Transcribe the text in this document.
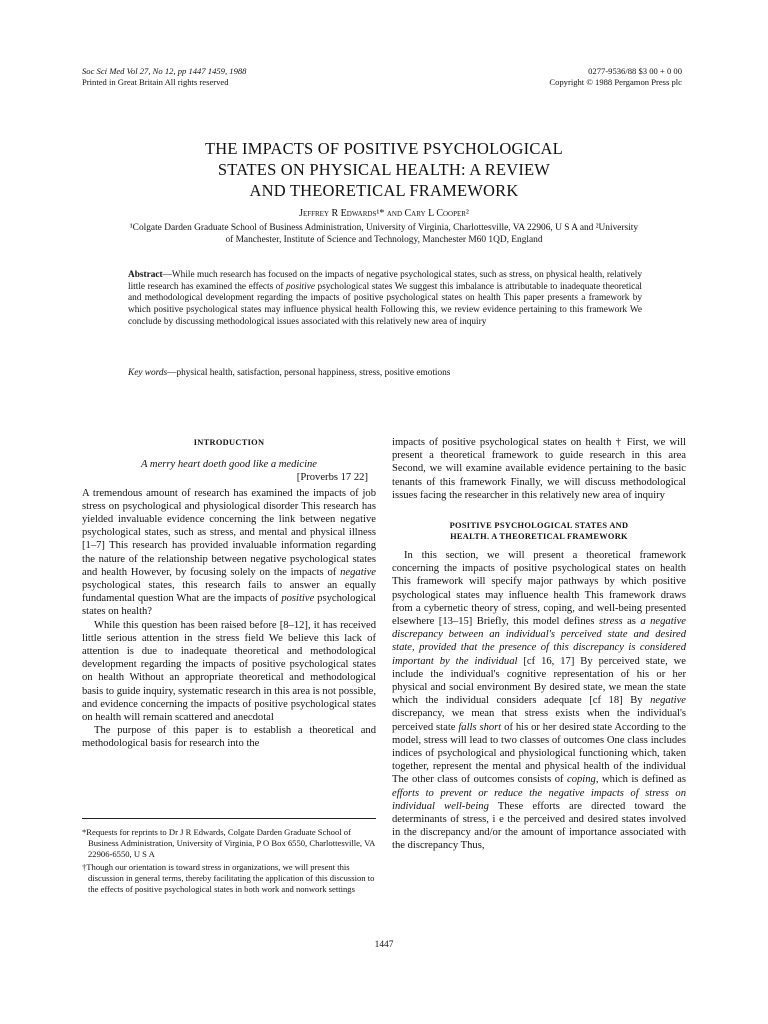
Soc Sci Med Vol 27, No 12, pp 1447 1459, 1988
Printed in Great Britain All rights reserved
0277-9536/88 $3 00 + 0 00
Copyright © 1988 Pergamon Press plc
THE IMPACTS OF POSITIVE PSYCHOLOGICAL
STATES ON PHYSICAL HEALTH: A REVIEW
AND THEORETICAL FRAMEWORK
Jeffrey R Edwards¹* and Cary L Cooper²
¹Colgate Darden Graduate School of Business Administration, University of Virginia, Charlottesville, VA 22906, U S A and ²University of Manchester, Institute of Science and Technology, Manchester M60 1QD, England
Abstract—While much research has focused on the impacts of negative psychological states, such as stress, on physical health, relatively little research has examined the effects of positive psychological states We suggest this imbalance is attributable to inadequate theoretical and methodological development regarding the impacts of positive psychological states on health This paper presents a framework by which positive psychological states may influence physical health Following this, we review evidence pertaining to this framework We conclude by discussing methodological issues associated with this relatively new area of inquiry
Key words—physical health, satisfaction, personal happiness, stress, positive emotions
INTRODUCTION
A merry heart doeth good like a medicine
[Proverbs 17 22]

A tremendous amount of research has examined the impacts of job stress on psychological and physiological disorder This research has yielded invaluable evidence concerning the link between negative psychological states, such as stress, and mental and physical illness [1–7] This research has provided invaluable information regarding the nature of the relationship between negative psychological states and health However, by focusing solely on the impacts of negative psychological states, this research fails to answer an equally fundamental question What are the impacts of positive psychological states on health?

While this question has been raised before [8–12], it has received little serious attention in the stress field We believe this lack of attention is due to inadequate theoretical and methodological development regarding the impacts of positive psychological states on health Without an appropriate theoretical and methodological basis to guide inquiry, systematic research in this area is not possible, and evidence concerning the impacts of positive psychological states on health will remain scattered and anecdotal

The purpose of this paper is to establish a theoretical and methodological basis for research into the

impacts of positive psychological states on health † First, we will present a theoretical framework to guide research in this area Second, we will examine available evidence pertaining to the basic tenants of this framework Finally, we will discuss methodological issues facing the researcher in this relatively new area of inquiry

POSITIVE PSYCHOLOGICAL STATES AND
HEALTH. A THEORETICAL FRAMEWORK

In this section, we will present a theoretical framework concerning the impacts of positive psychological states on health This framework will specify major pathways by which positive psychological states may influence health This framework draws from a cybernetic theory of stress, coping, and well-being presented elsewhere [13–15] Briefly, this model defines stress as a negative discrepancy between an individual's perceived state and desired state, provided that the presence of this discrepancy is considered important by the individual [cf 16, 17] By perceived state, we include the individual's cognitive representation of his or her physical and social environment By desired state, we mean the state which the individual considers adequate [cf 18] By negative discrepancy, we mean that stress exists when the individual's perceived state falls short of his or her desired state According to the model, stress will lead to two classes of outcomes One class includes indices of psychological and physiological functioning which, taken together, represent the mental and physical health of the individual The other class of outcomes consists of coping, which is defined as efforts to prevent or reduce the negative impacts of stress on individual well-being These efforts are directed toward the determinants of stress, i e the perceived and desired states involved in the discrepancy and/or the amount of importance associated with the discrepancy Thus,

*Requests for reprints to Dr J R Edwards, Colgate Darden Graduate School of Business Administration, University of Virginia, P O Box 6550, Charlottesville, VA 22906-6550, U S A
†Though our orientation is toward stress in organizations, we will present this discussion in general terms, thereby facilitating the application of this discussion to the effects of positive psychological states in both work and nonwork settings
1447
